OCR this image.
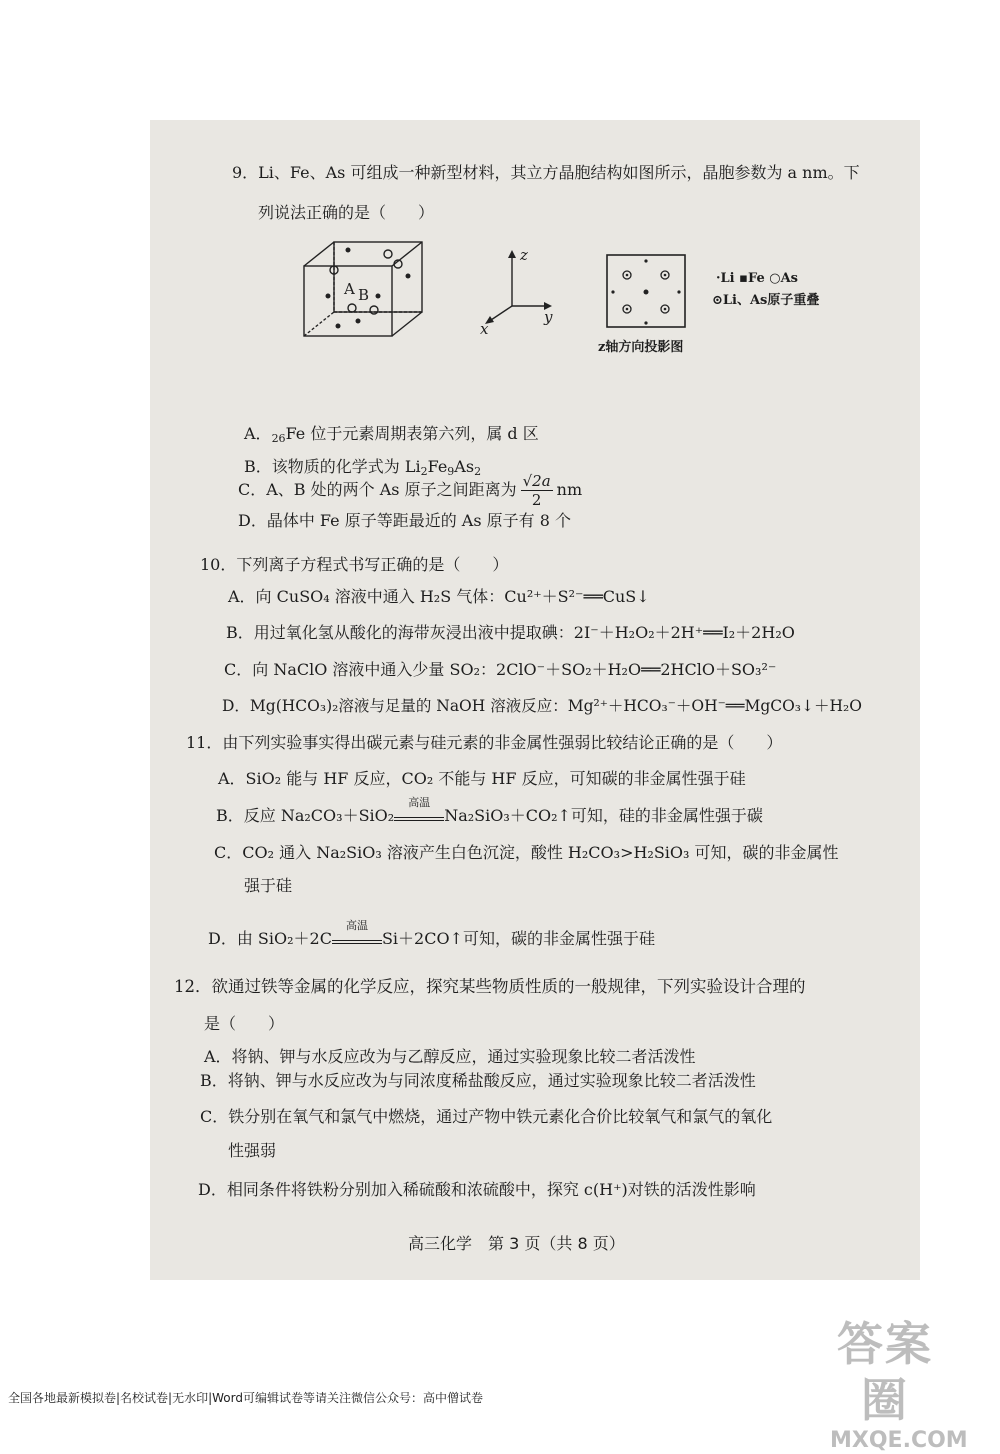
9．Li、Fe、As 可组成一种新型材料，其立方晶胞结构如图所示，晶胞参数为 a nm。下
列说法正确的是（　　）
A B
z
y
x
·Li ▪Fe ○As
⊙Li、As原子重叠
z轴方向投影图
A．$_{26}$Fe 位于元素周期表第六列，属 d 区
B．该物质的化学式为 $Li_2Fe_9As_2$
C．A、B 处的两个 As 原子之间距离为 $\frac{√2a}{2}$ nm
D．晶体中 Fe 原子等距最近的 As 原子有 8 个
10．下列离子方程式书写正确的是（　　）
A．向 CuSO₄ 溶液中通入 H₂S 气体：Cu²⁺＋S²⁻══CuS↓
B．用过氧化氢从酸化的海带灰浸出液中提取碘：2I⁻＋H₂O₂＋2H⁺══I₂＋2H₂O
C．向 NaClO 溶液中通入少量 SO₂：2ClO⁻＋SO₂＋H₂O══2HClO＋SO₃²⁻
D．Mg(HCO₃)₂溶液与足量的 NaOH 溶液反应：Mg²⁺＋HCO₃⁻＋OH⁻══MgCO₃↓＋H₂O
11．由下列实验事实得出碳元素与硅元素的非金属性强弱比较结论正确的是（　　）
A．SiO₂ 能与 HF 反应，CO₂ 不能与 HF 反应，可知碳的非金属性强于硅
B．反应 Na₂CO₃＋SiO₂
高温
Na₂SiO₃＋CO₂↑可知，硅的非金属性强于碳
C．CO₂ 通入 Na₂SiO₃ 溶液产生白色沉淀，酸性 H₂CO₃>H₂SiO₃ 可知，碳的非金属性
强于硅
D．由 SiO₂＋2C
高温
Si＋2CO↑可知，碳的非金属性强于硅
12．欲通过铁等金属的化学反应，探究某些物质性质的一般规律，下列实验设计合理的
是（　　）
A．将钠、钾与水反应改为与乙醇反应，通过实验现象比较二者活泼性
B．将钠、钾与水反应改为与同浓度稀盐酸反应，通过实验现象比较二者活泼性
C．铁分别在氧气和氯气中燃烧，通过产物中铁元素化合价比较氧气和氯气的氧化
性强弱
D．相同条件将铁粉分别加入稀硫酸和浓硫酸中，探究 c(H⁺)对铁的活泼性影响
高三化学　第 3 页（共 8 页）
答案圈
MXQE.COM
全国各地最新模拟卷|名校试卷|无水印|Word可编辑试卷等请关注微信公众号：高中僧试卷
